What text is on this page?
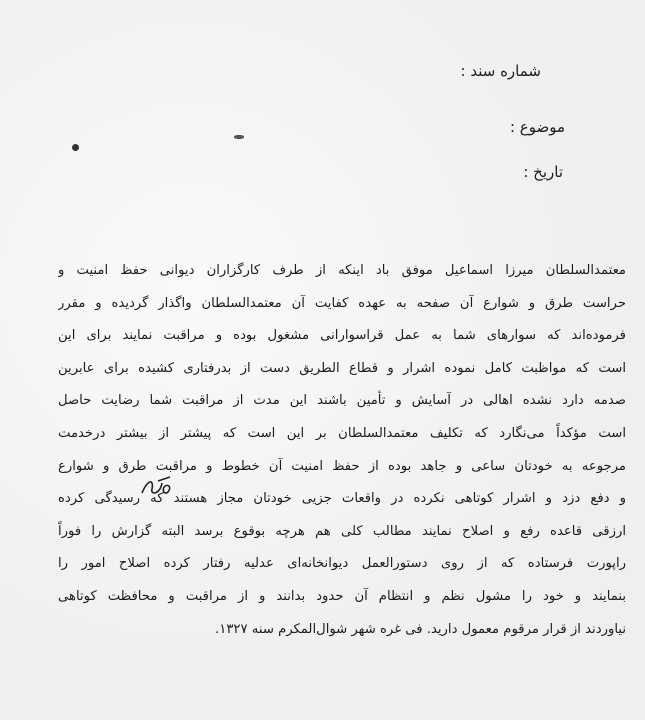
شماره سند :
موضوع :
تاریخ :
معتمدالسلطان میرزا اسماعیل موفق باد اینکه از طرف کارگزاران دیوانی حفظ امنیت و
حراست طرق و شوارع آن صفحه به عهده کفایت آن معتمدالسلطان واگذار گردیده و مقرر
فرموده‌اند که سوارهای شما به عمل قراسوارانی مشغول بوده و مراقبت نمایند برای این
است که مواظبت کامل نموده اشرار و قطاع الطریق دست از بدرفتاری کشیده برای عابرین
صدمه دارد نشده اهالی در آسایش و تأمین باشند این مدت از مراقبت شما رضایت حاصل
است مؤکداً می‌نگارد که تکلیف معتمدالسلطان بر این است که پیشتر از بیشتر درخدمت
مرجوعه به خودتان ساعی و جاهد بوده از حفظ امنیت آن خطوط و مراقبت طرق و شوارع
و دفع دزد و اشرار کوتاهی نکرده در واقعات جزیی خودتان مجاز هستند که رسیدگی کرده
ارزقی قاعده رفع و اصلاح نمایند مطالب کلی هم هرچه بوقوع برسد البته گزارش را فوراً
راپورت فرستاده که از روی دستورالعمل دیوانخانه‌ای عدلیه رفتار کرده اصلاح امور را
بنمایند و خود را مشول نظم و انتظام آن حدود بدانند و از مراقبت و محافظت کوتاهی
نیاوردند از قرار مرقوم معمول دارید. فی غره شهر شوال‌المکرم سنه ۱۳۲۷.
